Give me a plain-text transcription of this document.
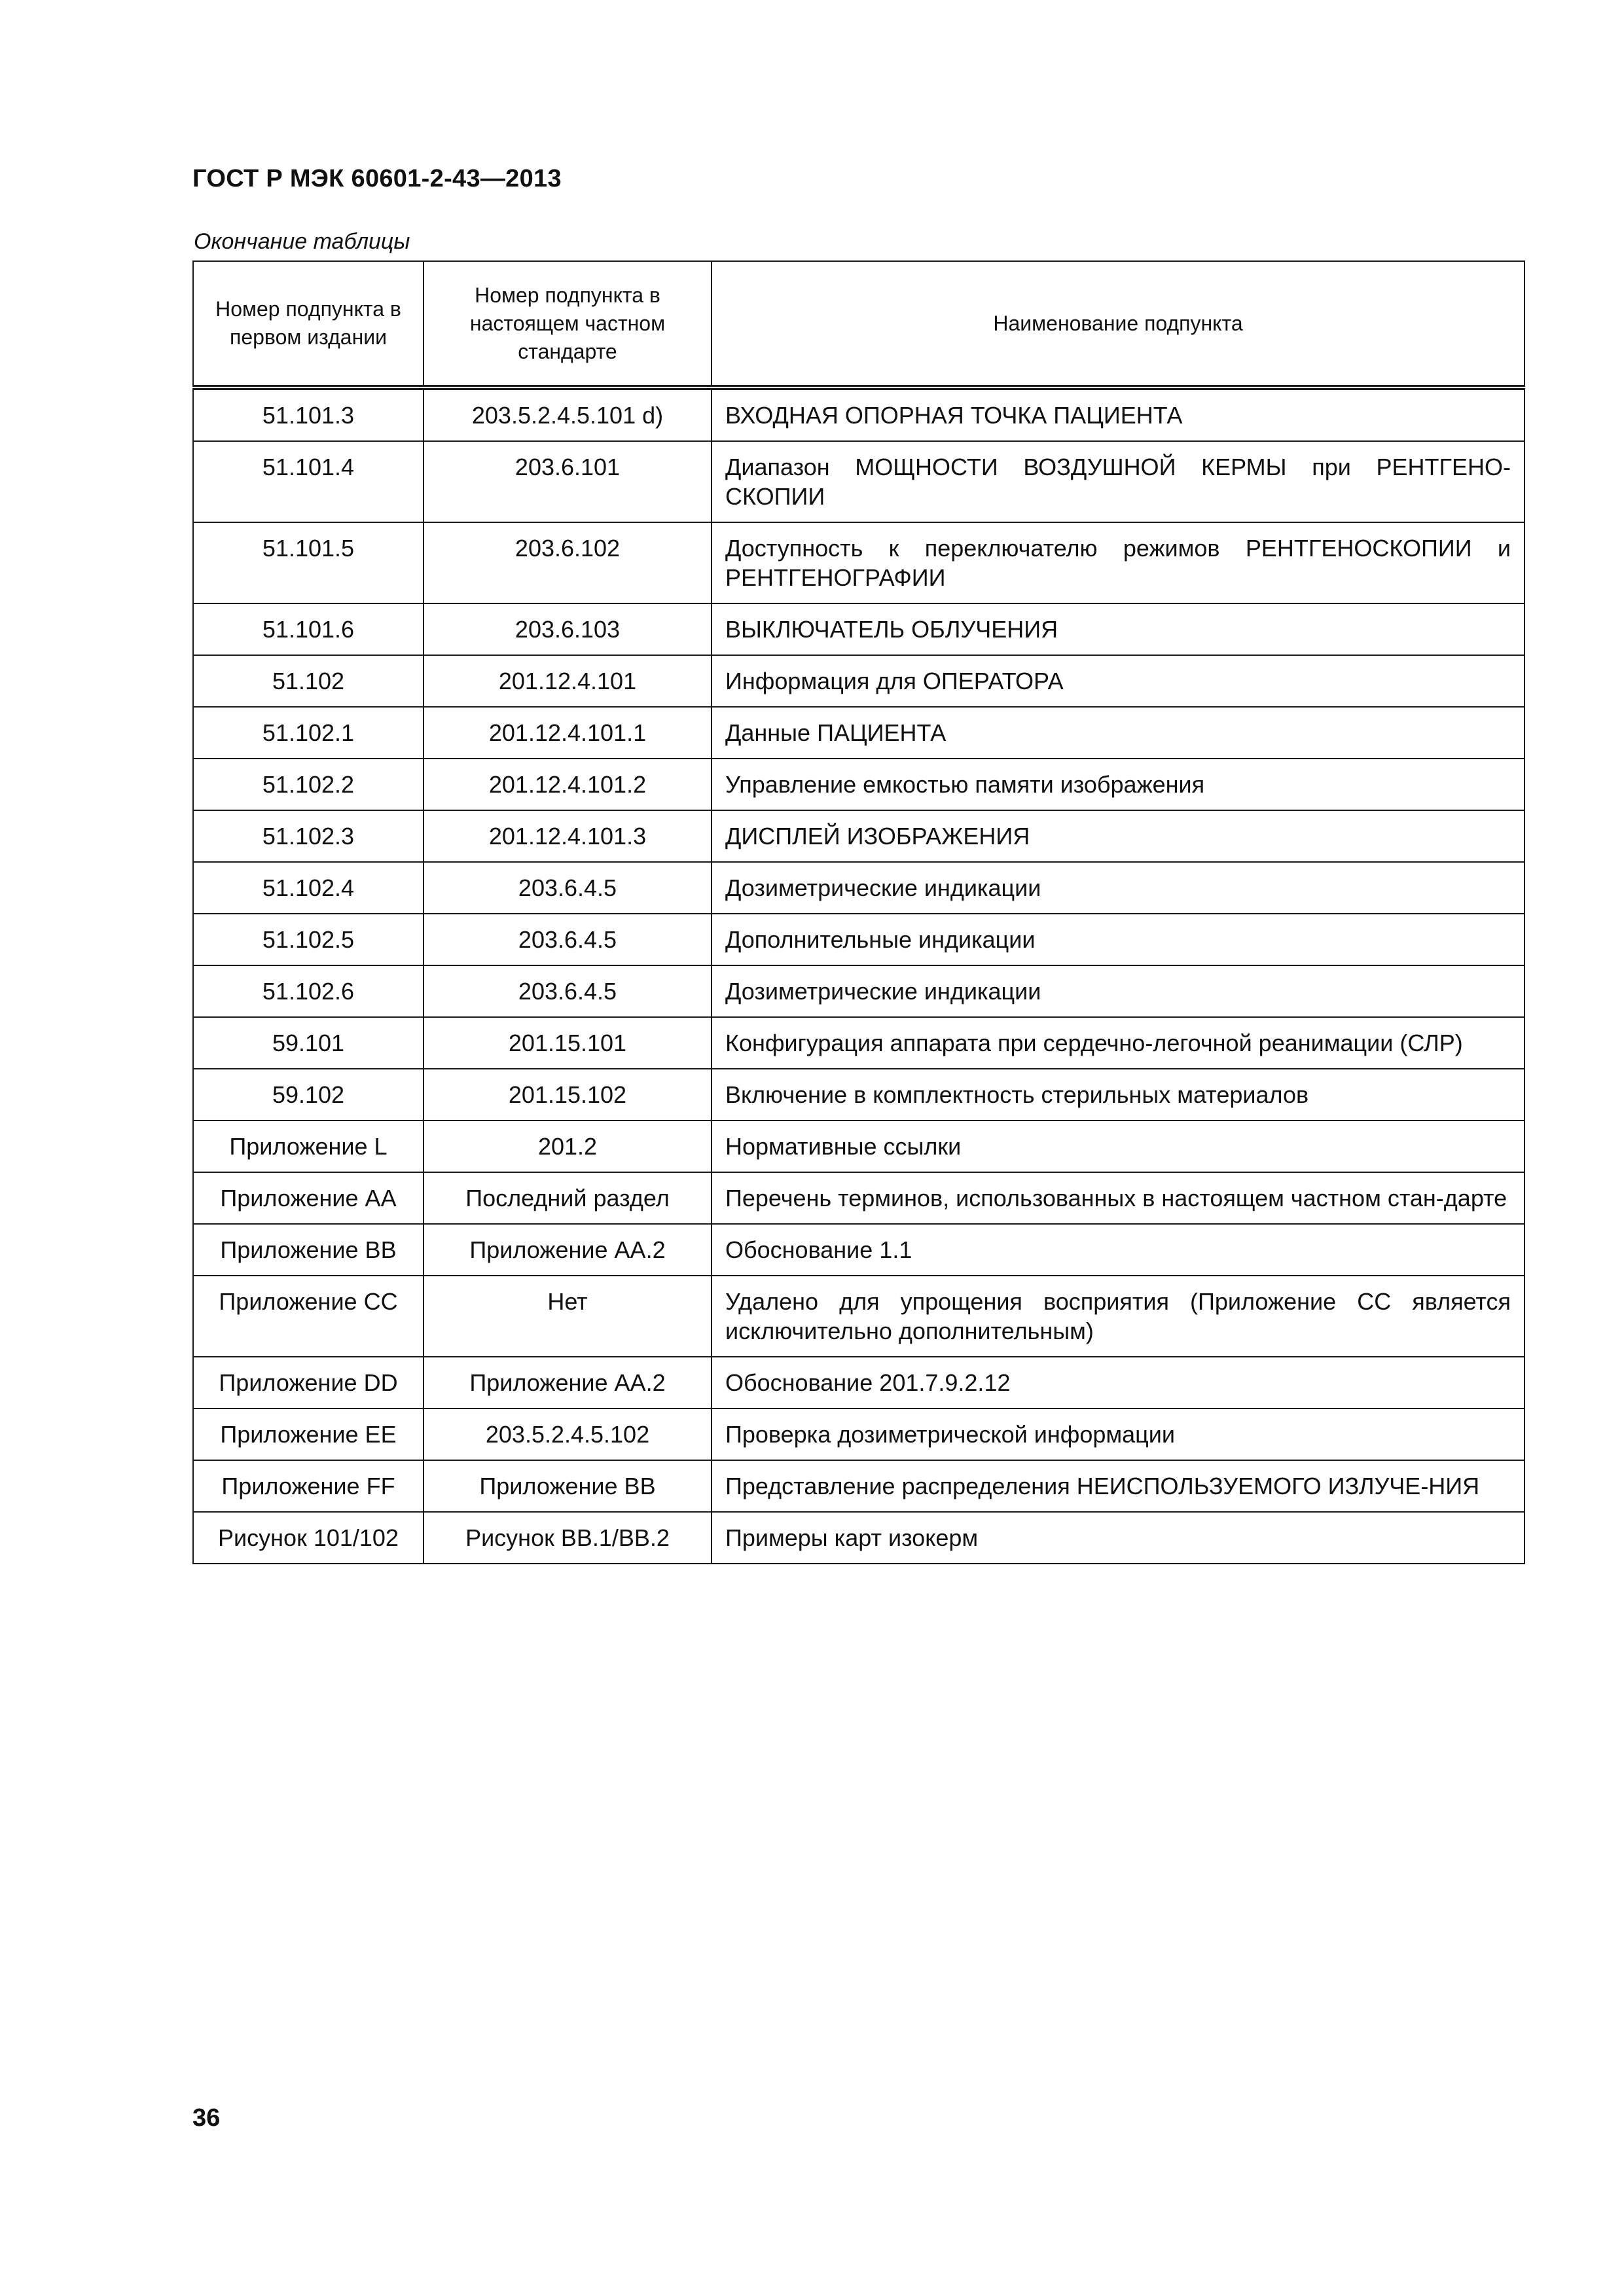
ГОСТ Р МЭК 60601-2-43—2013
Окончание таблицы
Номер подпункта в первом издании	Номер подпункта в настоящем частном стандарте	Наименование подпункта
51.101.3	203.5.2.4.5.101 d)	ВХОДНАЯ ОПОРНАЯ ТОЧКА ПАЦИЕНТА
51.101.4	203.6.101	Диапазон МОЩНОСТИ ВОЗДУШНОЙ КЕРМЫ при РЕНТГЕНО-СКОПИИ
51.101.5	203.6.102	Доступность к переключателю режимов РЕНТГЕНОСКОПИИ и РЕНТГЕНОГРАФИИ
51.101.6	203.6.103	ВЫКЛЮЧАТЕЛЬ ОБЛУЧЕНИЯ
51.102	201.12.4.101	Информация для ОПЕРАТОРА
51.102.1	201.12.4.101.1	Данные ПАЦИЕНТА
51.102.2	201.12.4.101.2	Управление емкостью памяти изображения
51.102.3	201.12.4.101.3	ДИСПЛЕЙ ИЗОБРАЖЕНИЯ
51.102.4	203.6.4.5	Дозиметрические индикации
51.102.5	203.6.4.5	Дополнительные индикации
51.102.6	203.6.4.5	Дозиметрические индикации
59.101	201.15.101	Конфигурация аппарата при сердечно-легочной реанимации (СЛР)
59.102	201.15.102	Включение в комплектность стерильных материалов
Приложение L	201.2	Нормативные ссылки
Приложение АА	Последний раздел	Перечень терминов, использованных в настоящем частном стан-дарте
Приложение ВВ	Приложение АА.2	Обоснование 1.1
Приложение СС	Нет	Удалено для упрощения восприятия (Приложение СС является исключительно дополнительным)
Приложение DD	Приложение АА.2	Обоснование 201.7.9.2.12
Приложение ЕЕ	203.5.2.4.5.102	Проверка дозиметрической информации
Приложение FF	Приложение ВВ	Представление распределения НЕИСПОЛЬЗУЕМОГО ИЗЛУЧЕ-НИЯ
Рисунок 101/102	Рисунок ВВ.1/ВВ.2	Примеры карт изокерм
36
